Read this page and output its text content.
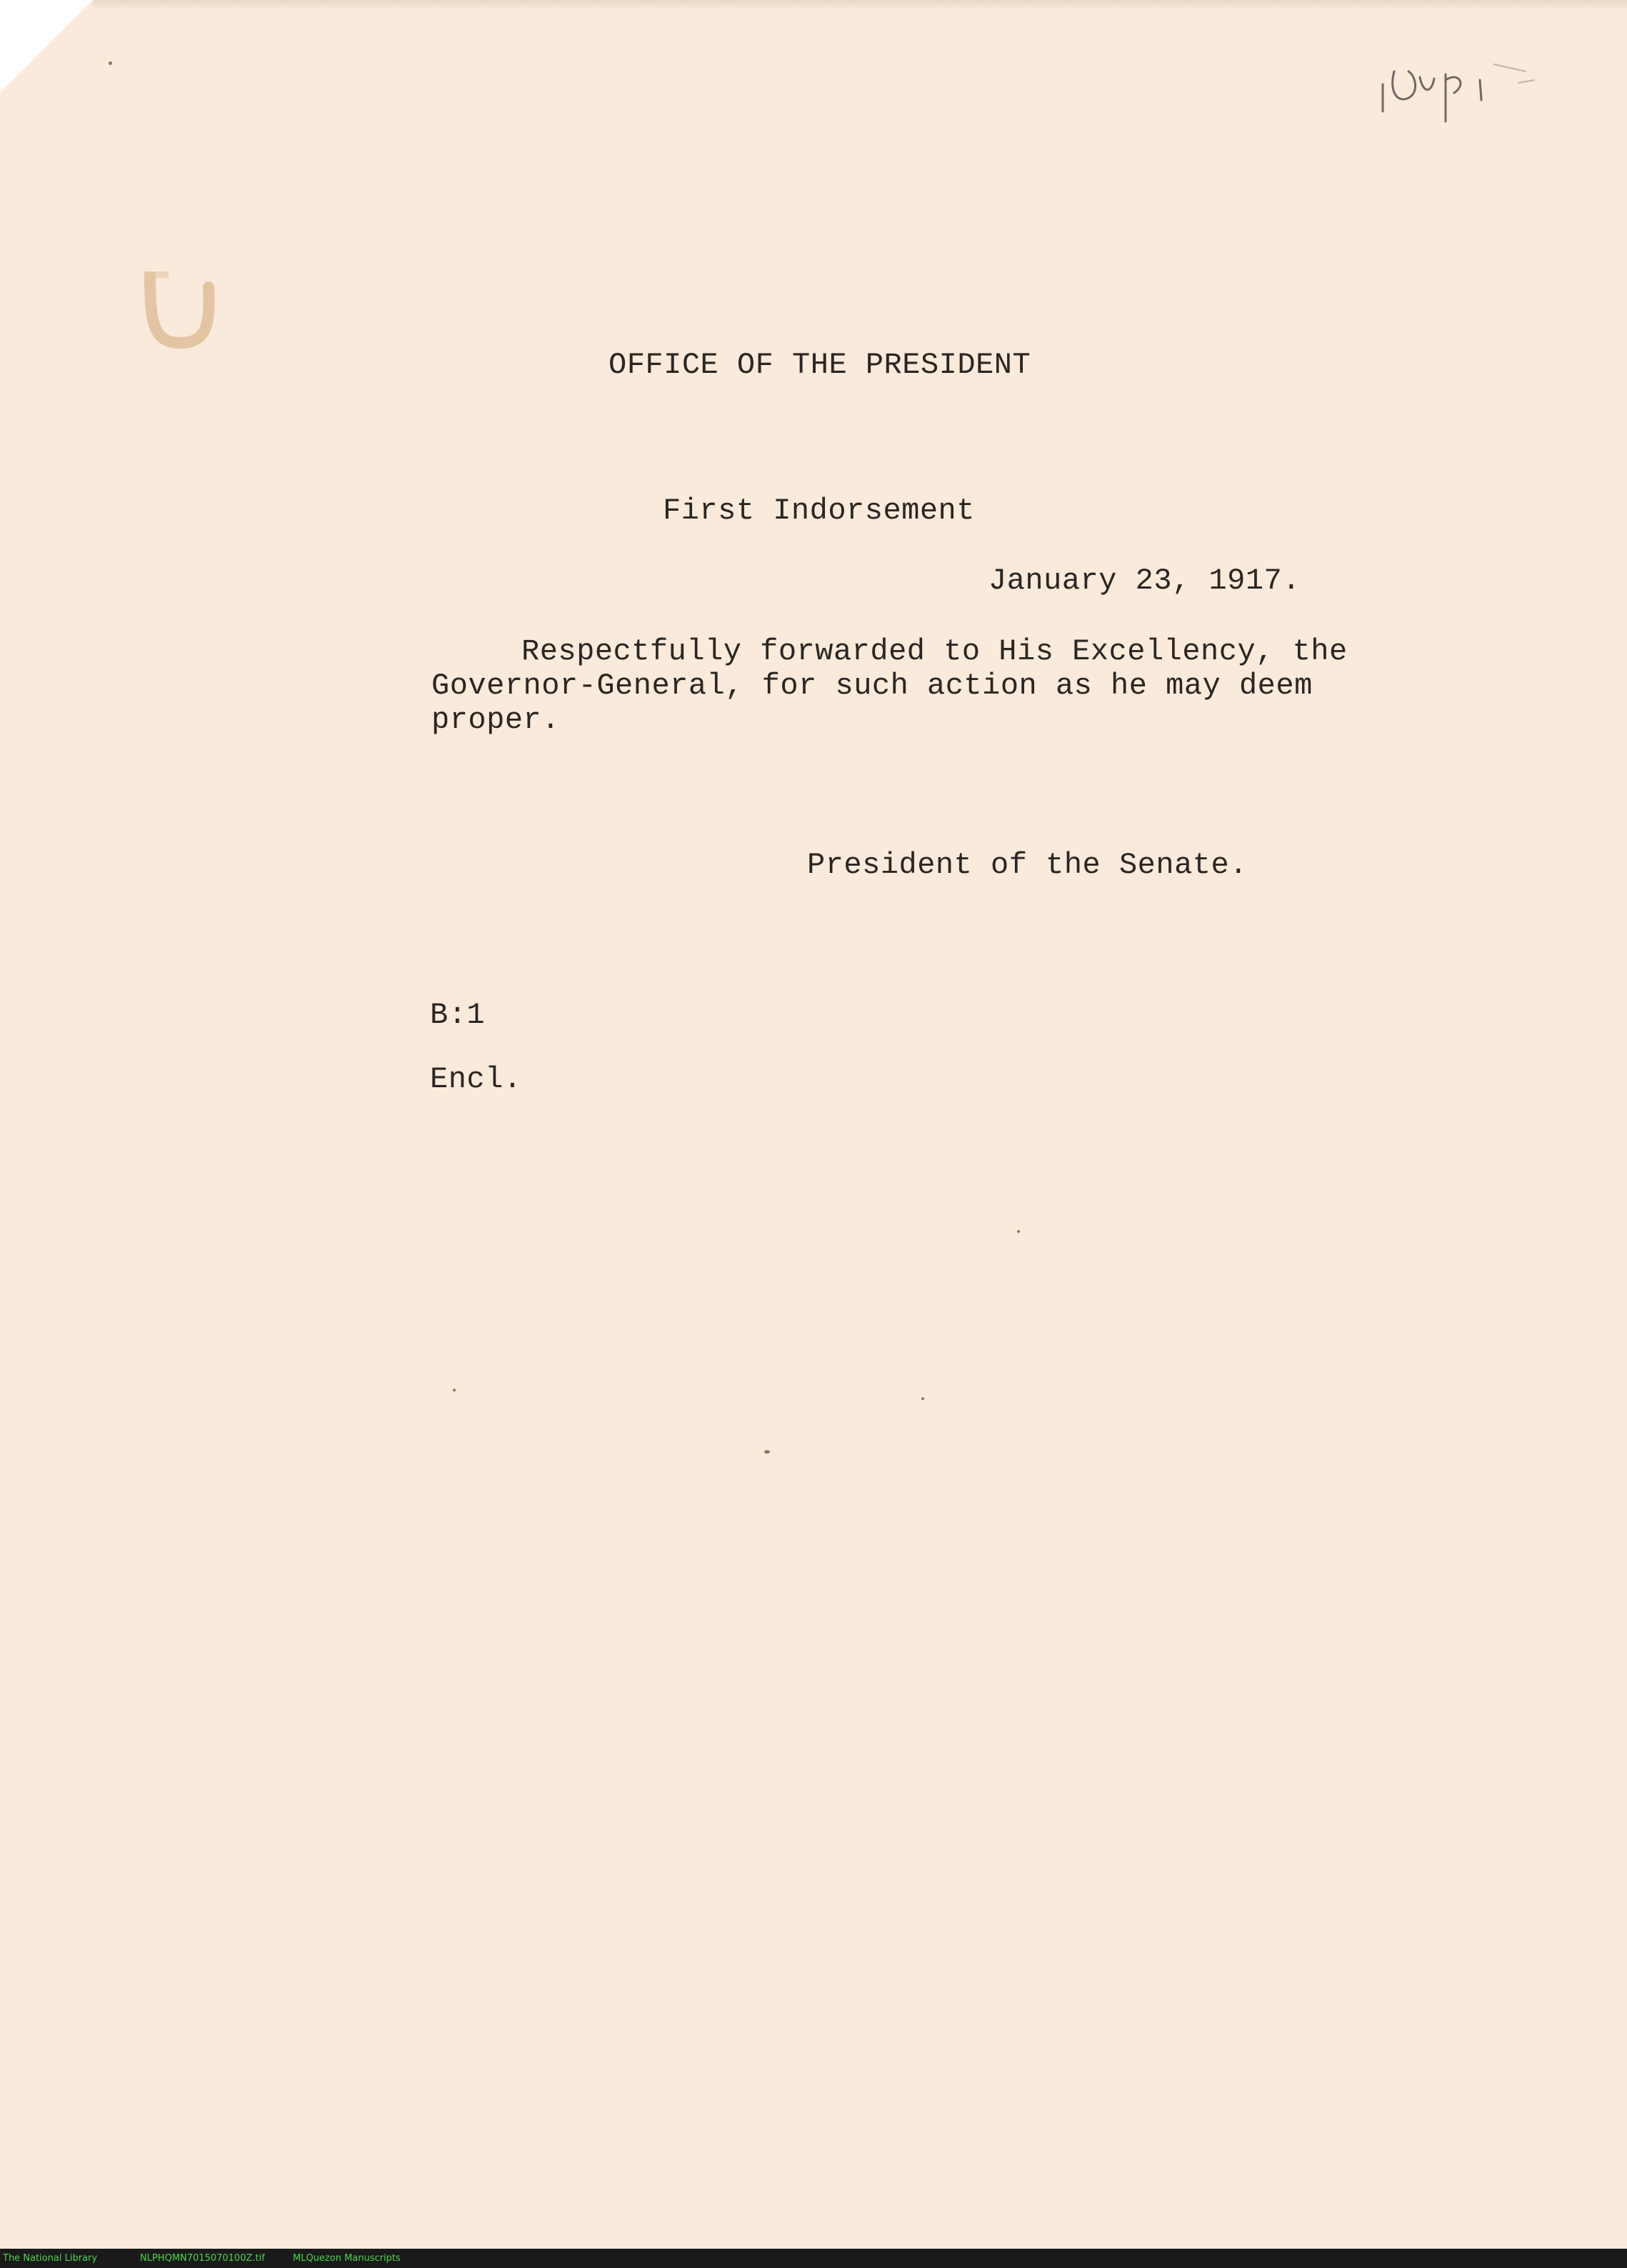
OFFICE OF THE PRESIDENT
First Indorsement
January 23, 1917.
Respectfully forwarded to His Excellency, the
Governor-General, for such action as he may deem
proper.
President of the Senate.
B:1
Encl.
The National Library	NLPHQMN7015070100Z.tif	MLQuezon Manuscripts
